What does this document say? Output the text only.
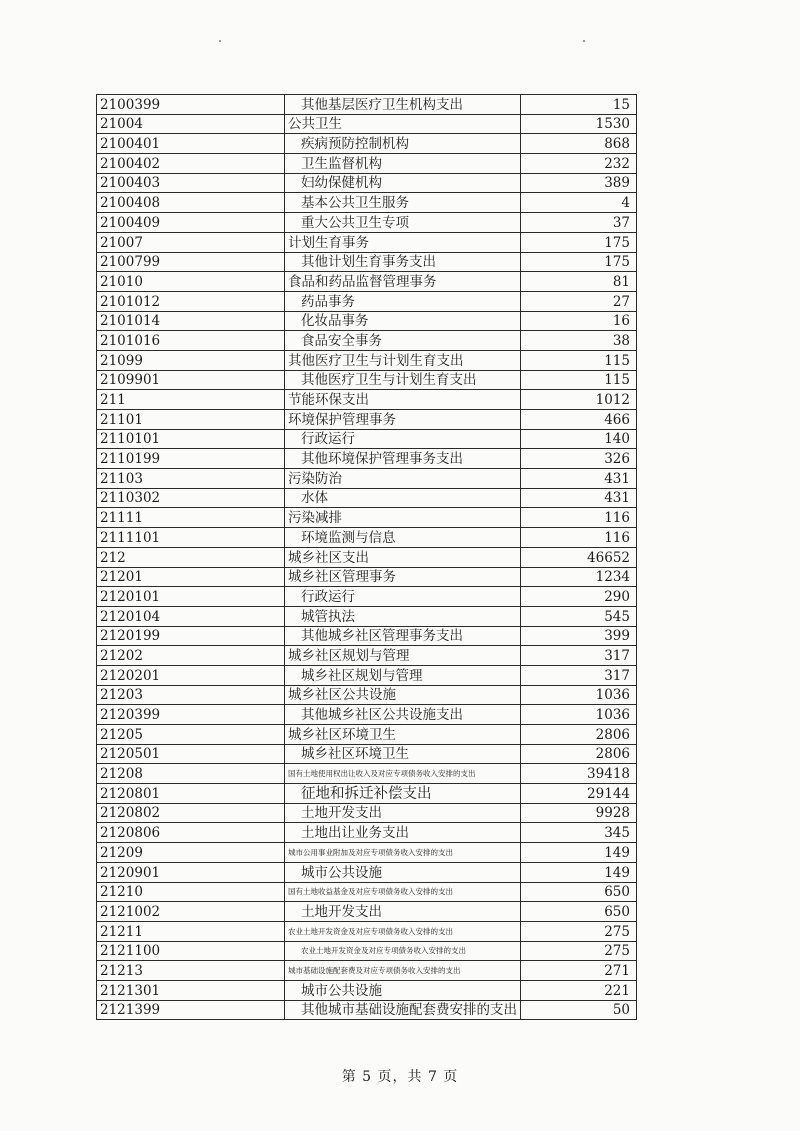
2100399	其他基层医疗卫生机构支出	15
21004	公共卫生	1530
2100401	疾病预防控制机构	868
2100402	卫生监督机构	232
2100403	妇幼保健机构	389
2100408	基本公共卫生服务	4
2100409	重大公共卫生专项	37
21007	计划生育事务	175
2100799	其他计划生育事务支出	175
21010	食品和药品监督管理事务	81
2101012	药品事务	27
2101014	化妆品事务	16
2101016	食品安全事务	38
21099	其他医疗卫生与计划生育支出	115
2109901	其他医疗卫生与计划生育支出	115
211	节能环保支出	1012
21101	环境保护管理事务	466
2110101	行政运行	140
2110199	其他环境保护管理事务支出	326
21103	污染防治	431
2110302	水体	431
21111	污染减排	116
2111101	环境监测与信息	116
212	城乡社区支出	46652
21201	城乡社区管理事务	1234
2120101	行政运行	290
2120104	城管执法	545
2120199	其他城乡社区管理事务支出	399
21202	城乡社区规划与管理	317
2120201	城乡社区规划与管理	317
21203	城乡社区公共设施	1036
2120399	其他城乡社区公共设施支出	1036
21205	城乡社区环境卫生	2806
2120501	城乡社区环境卫生	2806
21208	国有土地使用权出让收入及对应专项债务收入安排的支出	39418
2120801	征地和拆迁补偿支出	29144
2120802	土地开发支出	9928
2120806	土地出让业务支出	345
21209	城市公用事业附加及对应专项债务收入安排的支出	149
2120901	城市公共设施	149
21210	国有土地收益基金及对应专项债务收入安排的支出	650
2121002	土地开发支出	650
21211	农业土地开发资金及对应专项债务收入安排的支出	275
2121100	农业土地开发资金及对应专项债务收入安排的支出	275
21213	城市基础设施配套费及对应专项债务收入安排的支出	271
2121301	城市公共设施	221
2121399	其他城市基础设施配套费安排的支出	50
第 5 页，共 7 页
